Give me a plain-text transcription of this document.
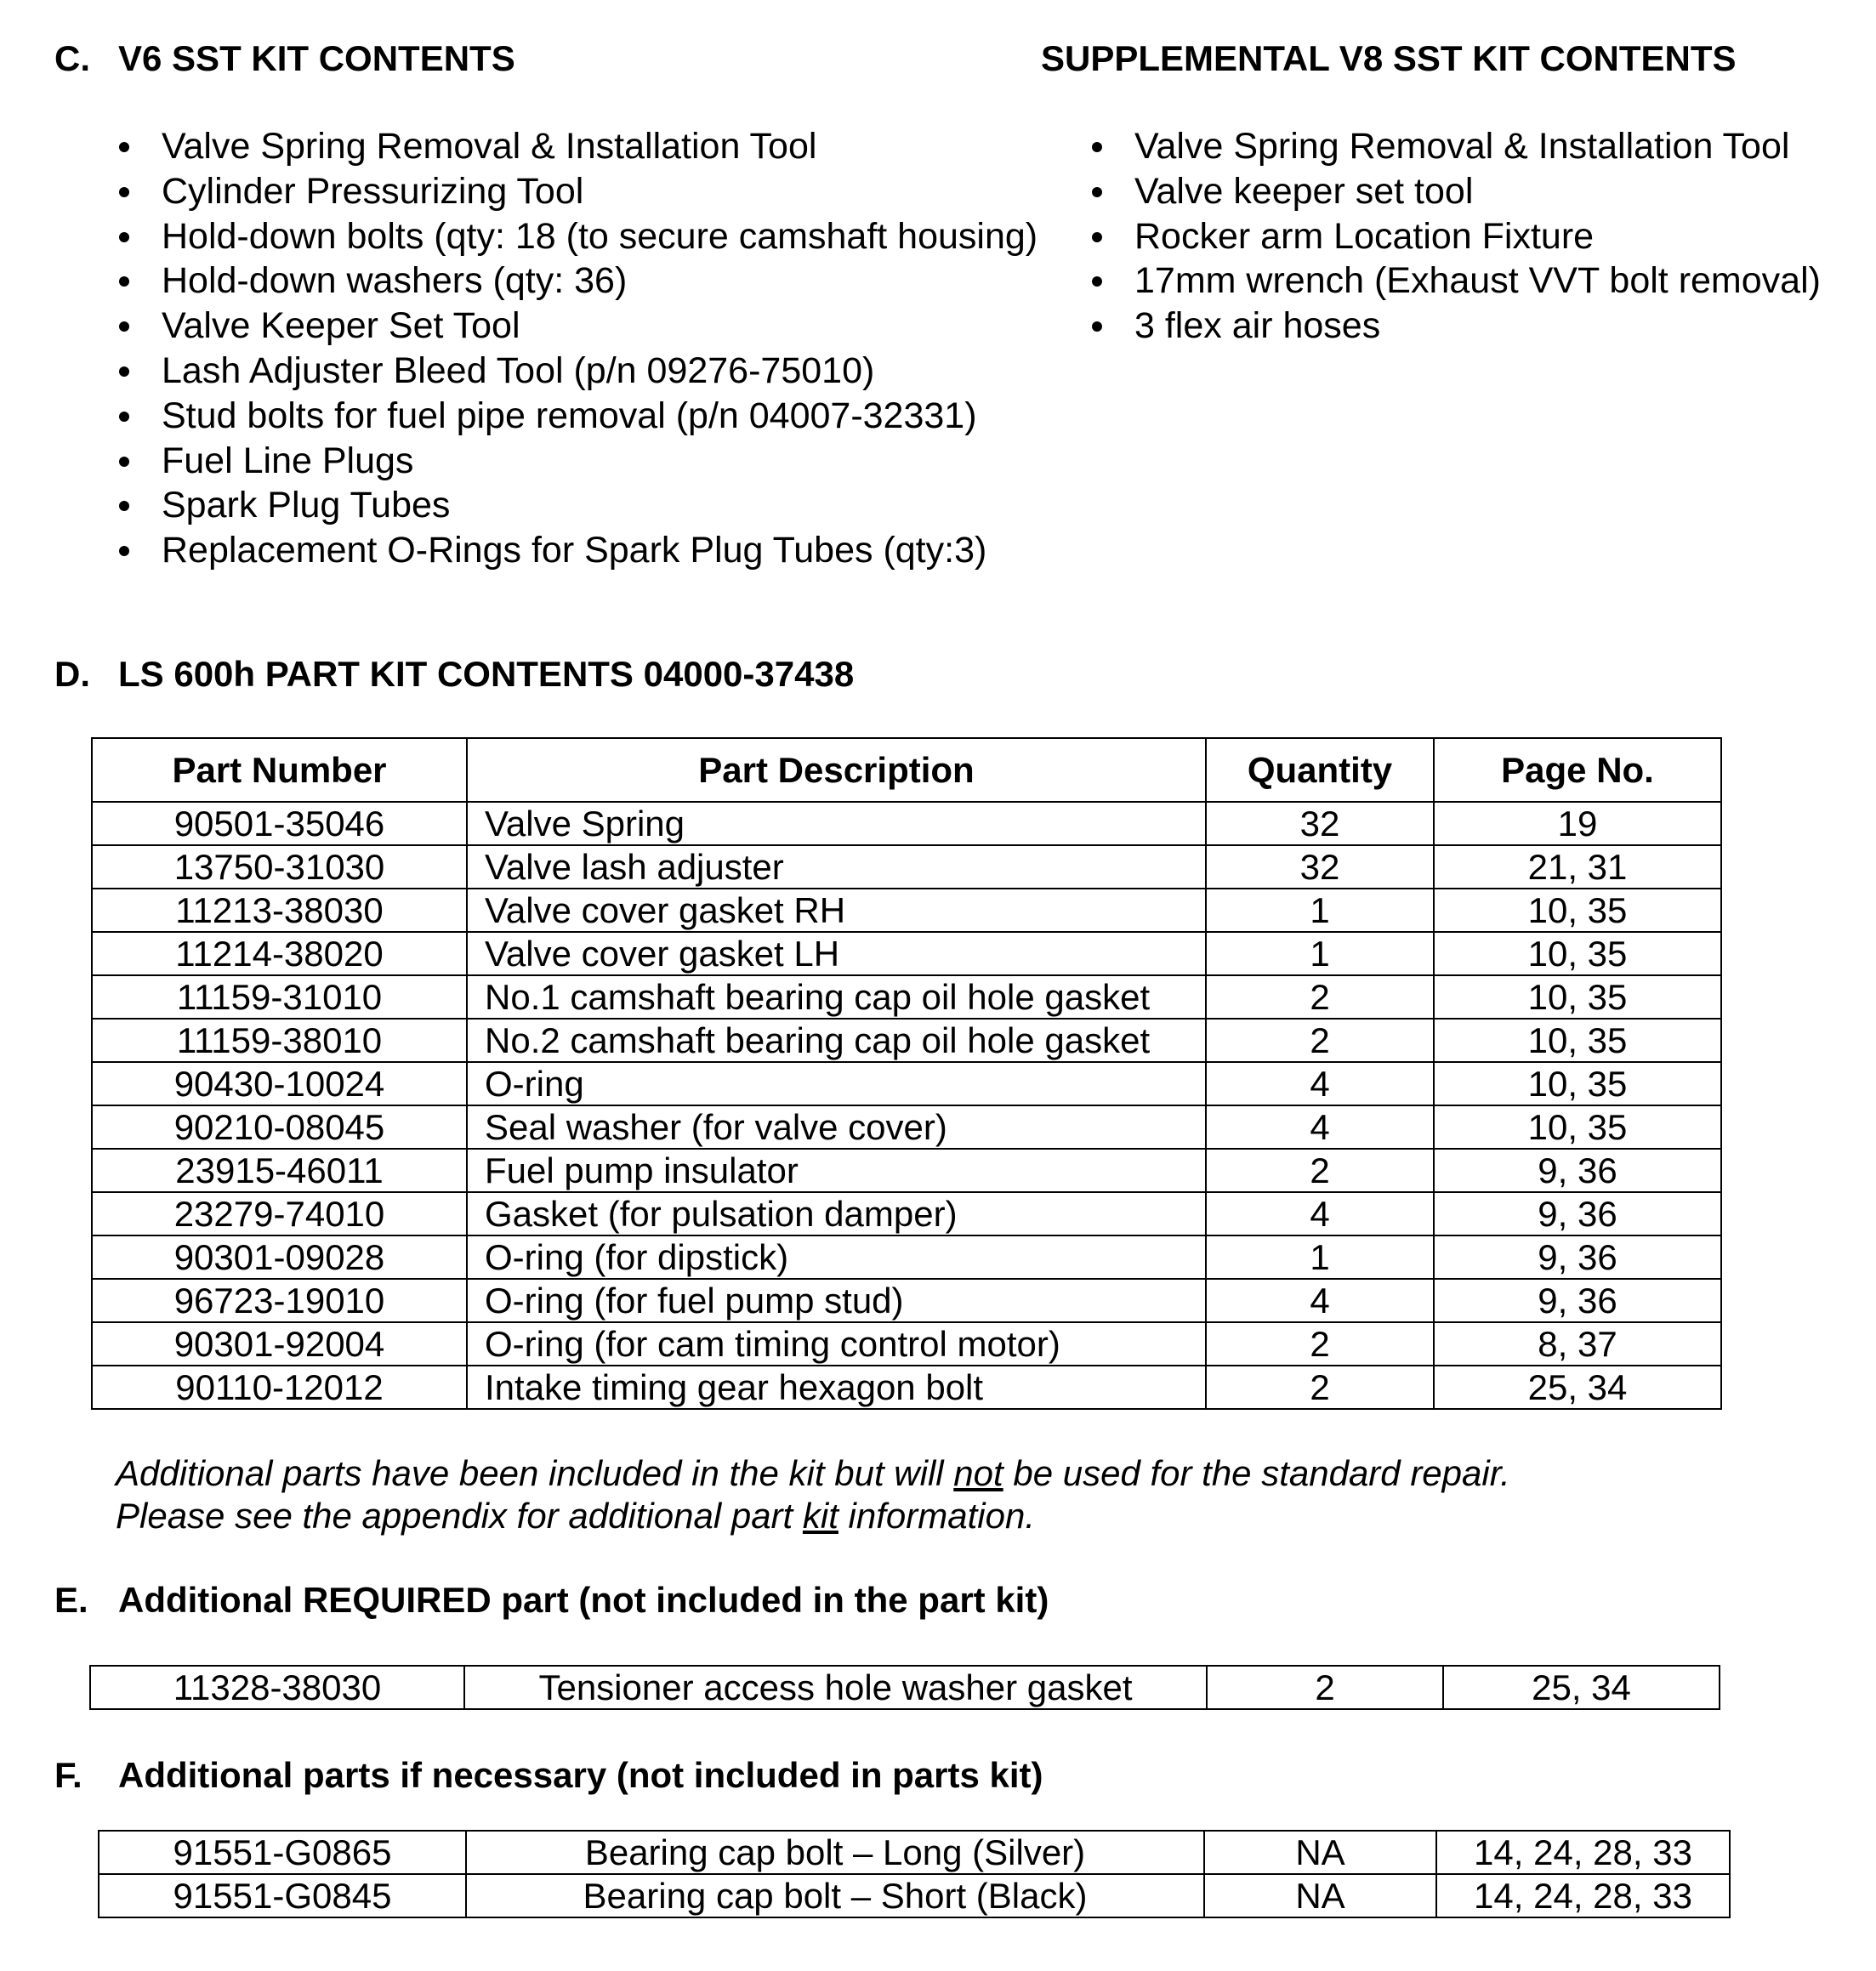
C. V6 SST KIT CONTENTS
Valve Spring Removal & Installation Tool
Cylinder Pressurizing Tool
Hold-down bolts (qty: 18 (to secure camshaft housing)
Hold-down washers (qty: 36)
Valve Keeper Set Tool
Lash Adjuster Bleed Tool (p/n 09276-75010)
Stud bolts for fuel pipe removal (p/n 04007-32331)
Fuel Line Plugs
Spark Plug Tubes
Replacement O-Rings for Spark Plug Tubes (qty:3)
SUPPLEMENTAL V8 SST KIT CONTENTS
Valve Spring Removal & Installation Tool
Valve keeper set tool
Rocker arm Location Fixture
17mm wrench (Exhaust VVT bolt removal)
3 flex air hoses
D. LS 600h PART KIT CONTENTS 04000-37438
Part Number	Part Description	Quantity	Page No.
90501-35046	Valve Spring	32	19
13750-31030	Valve lash adjuster	32	21, 31
11213-38030	Valve cover gasket RH	1	10, 35
11214-38020	Valve cover gasket LH	1	10, 35
11159-31010	No.1 camshaft bearing cap oil hole gasket	2	10, 35
11159-38010	No.2 camshaft bearing cap oil hole gasket	2	10, 35
90430-10024	O-ring	4	10, 35
90210-08045	Seal washer (for valve cover)	4	10, 35
23915-46011	Fuel pump insulator	2	9, 36
23279-74010	Gasket (for pulsation damper)	4	9, 36
90301-09028	O-ring (for dipstick)	1	9, 36
96723-19010	O-ring (for fuel pump stud)	4	9, 36
90301-92004	O-ring (for cam timing control motor)	2	8, 37
90110-12012	Intake timing gear hexagon bolt	2	25, 34
Additional parts have been included in the kit but will not be used for the standard repair.
Please see the appendix for additional part kit information.
E. Additional REQUIRED part (not included in the part kit)
11328-38030	Tensioner access hole washer gasket	2	25, 34
F. Additional parts if necessary (not included in parts kit)
91551-G0865	Bearing cap bolt – Long (Silver)	NA	14, 24, 28, 33
91551-G0845	Bearing cap bolt – Short (Black)	NA	14, 24, 28, 33
